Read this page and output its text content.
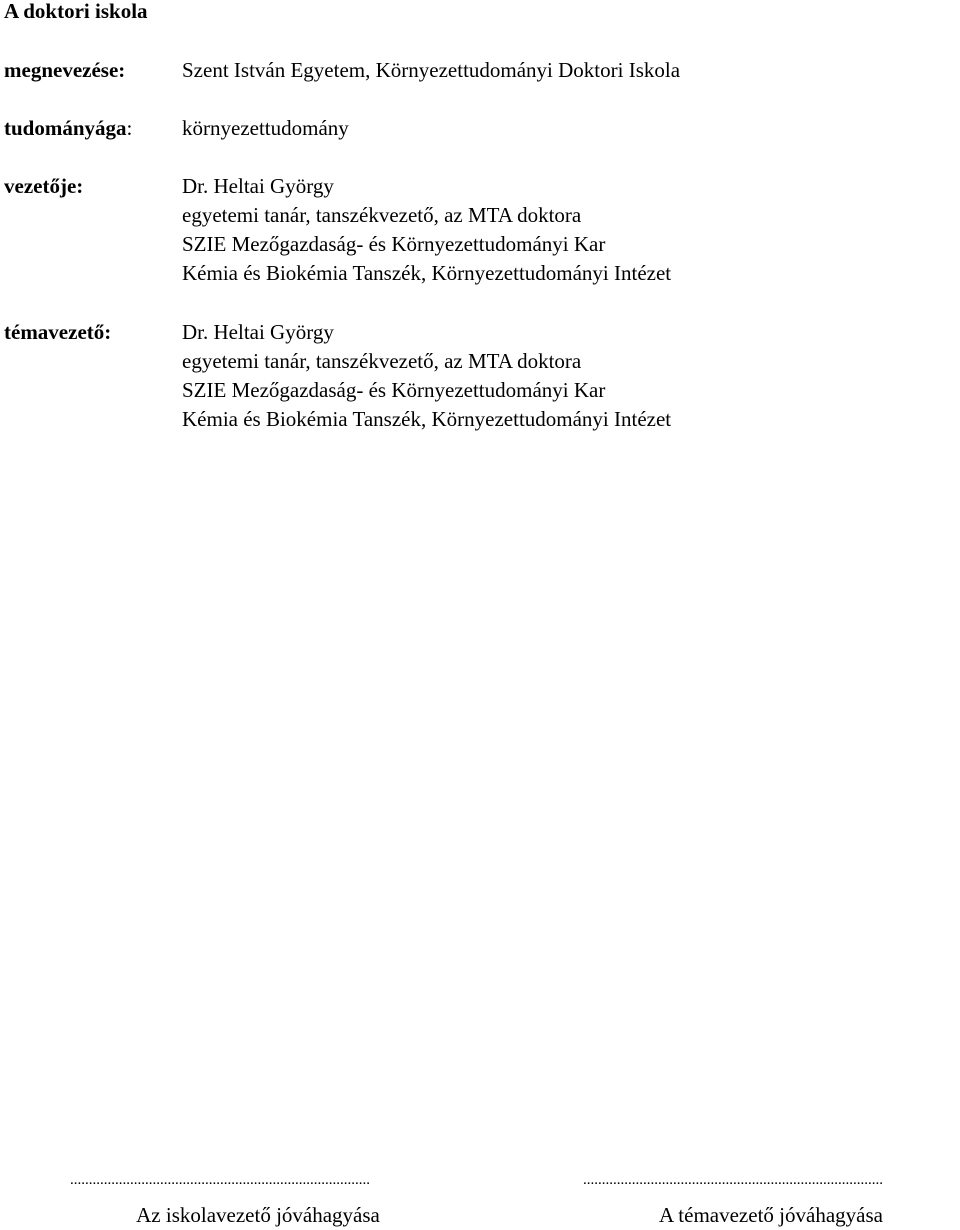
A doktori iskola
megnevezése:	Szent István Egyetem, Környezettudományi Doktori Iskola
tudományága: környezettudomány
vezetője:	Dr. Heltai György
egyetemi tanár, tanszékvezető, az MTA doktora
SZIE Mezőgazdaság- és Környezettudományi Kar
Kémia és Biokémia Tanszék, Környezettudományi Intézet
témavezető:	Dr. Heltai György
egyetemi tanár, tanszékvezető, az MTA doktora
SZIE Mezőgazdaság- és Környezettudományi Kar
Kémia és Biokémia Tanszék, Környezettudományi Intézet
................................................................................	................................................................................
Az iskolavezető jóváhagyása	A témavezető jóváhagyása
